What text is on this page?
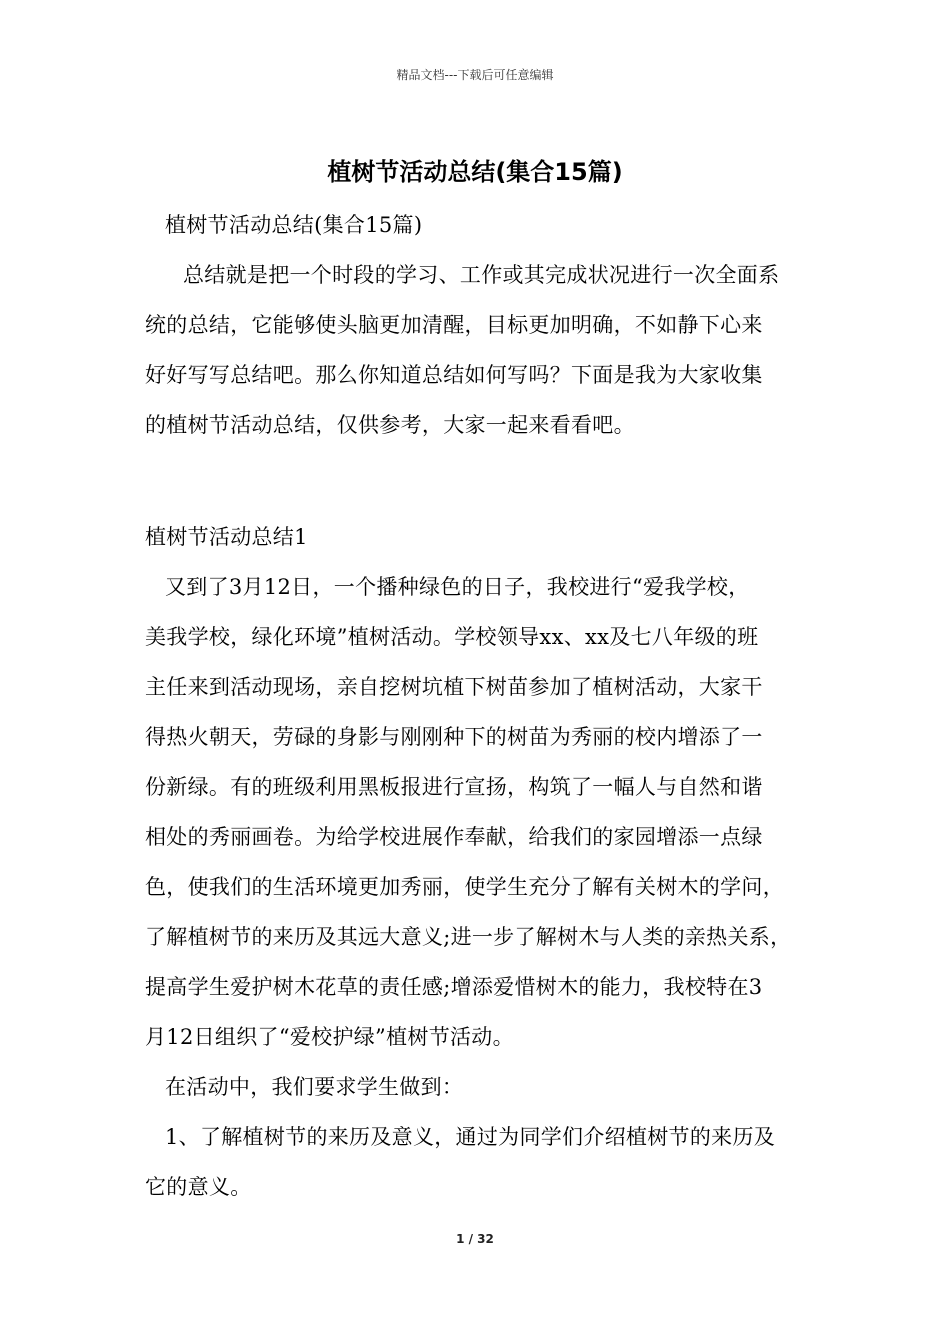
精品文档---下载后可任意编辑
植树节活动总结(集合15篇)
植树节活动总结(集合15篇)
总结就是把一个时段的学习、工作或其完成状况进行一次全面系
统的总结，它能够使头脑更加清醒，目标更加明确，不如静下心来
好好写写总结吧。那么你知道总结如何写吗？下面是我为大家收集
的植树节活动总结，仅供参考，大家一起来看看吧。
植树节活动总结1
又到了3月12日，一个播种绿色的日子，我校进行“爱我学校，
美我学校，绿化环境”植树活动。学校领导xx、xx及七八年级的班
主任来到活动现场，亲自挖树坑植下树苗参加了植树活动，大家干
得热火朝天，劳碌的身影与刚刚种下的树苗为秀丽的校内增添了一
份新绿。有的班级利用黑板报进行宣扬，构筑了一幅人与自然和谐
相处的秀丽画卷。为给学校进展作奉献，给我们的家园增添一点绿
色，使我们的生活环境更加秀丽，使学生充分了解有关树木的学问，
了解植树节的来历及其远大意义;进一步了解树木与人类的亲热关系，
提高学生爱护树木花草的责任感;增添爱惜树木的能力，我校特在3
月12日组织了“爱校护绿”植树节活动。
在活动中，我们要求学生做到：
1、了解植树节的来历及意义，通过为同学们介绍植树节的来历及
它的意义。
1 / 32
